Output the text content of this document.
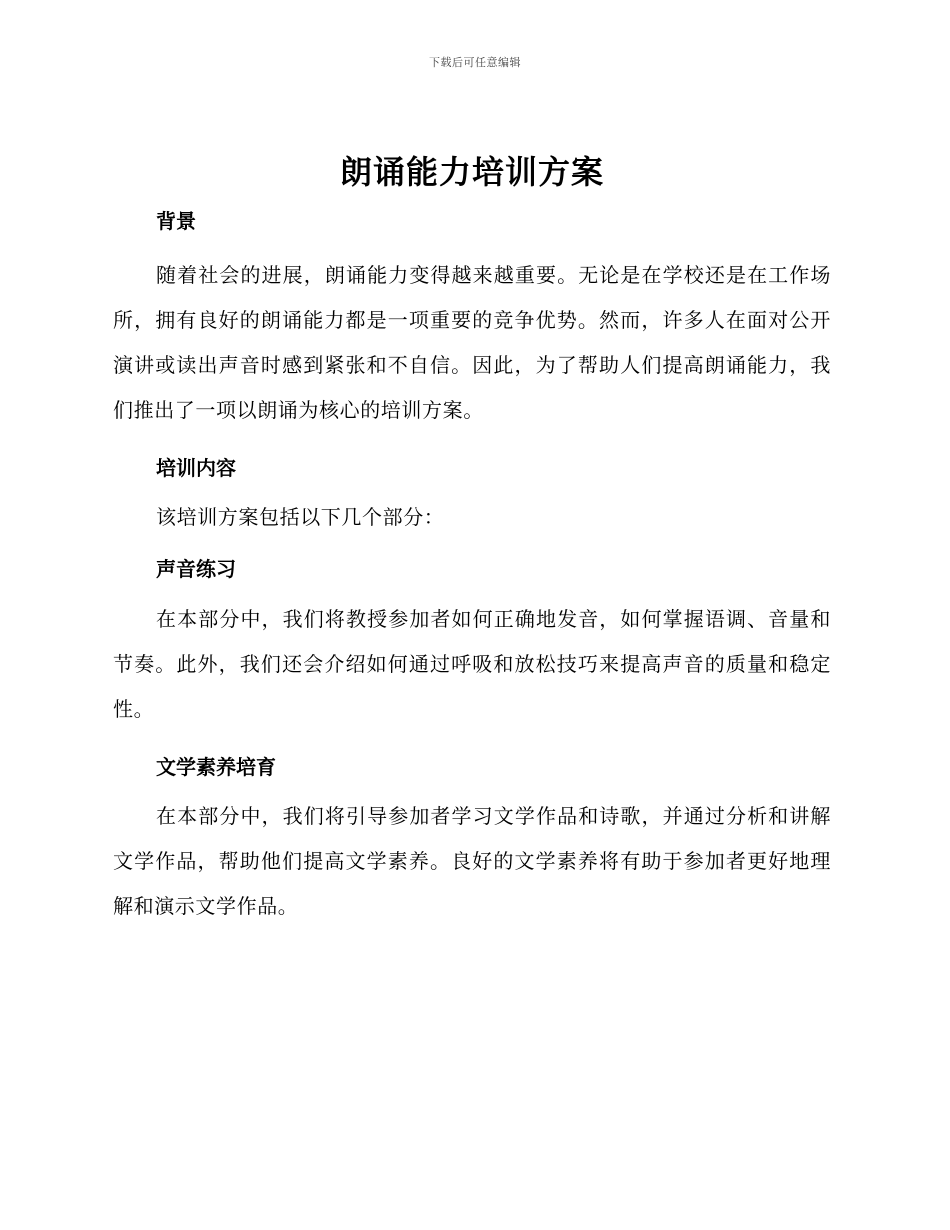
下载后可任意编辑
朗诵能力培训方案
背景

随着社会的进展，朗诵能力变得越来越重要。无论是在学校还是在工作场所，拥有良好的朗诵能力都是一项重要的竞争优势。然而，许多人在面对公开演讲或读出声音时感到紧张和不自信。因此，为了帮助人们提高朗诵能力，我们推出了一项以朗诵为核心的培训方案。

培训内容

该培训方案包括以下几个部分：

声音练习

在本部分中，我们将教授参加者如何正确地发音，如何掌握语调、音量和节奏。此外，我们还会介绍如何通过呼吸和放松技巧来提高声音的质量和稳定性。

文学素养培育

在本部分中，我们将引导参加者学习文学作品和诗歌，并通过分析和讲解文学作品，帮助他们提高文学素养。良好的文学素养将有助于参加者更好地理解和演示文学作品。
